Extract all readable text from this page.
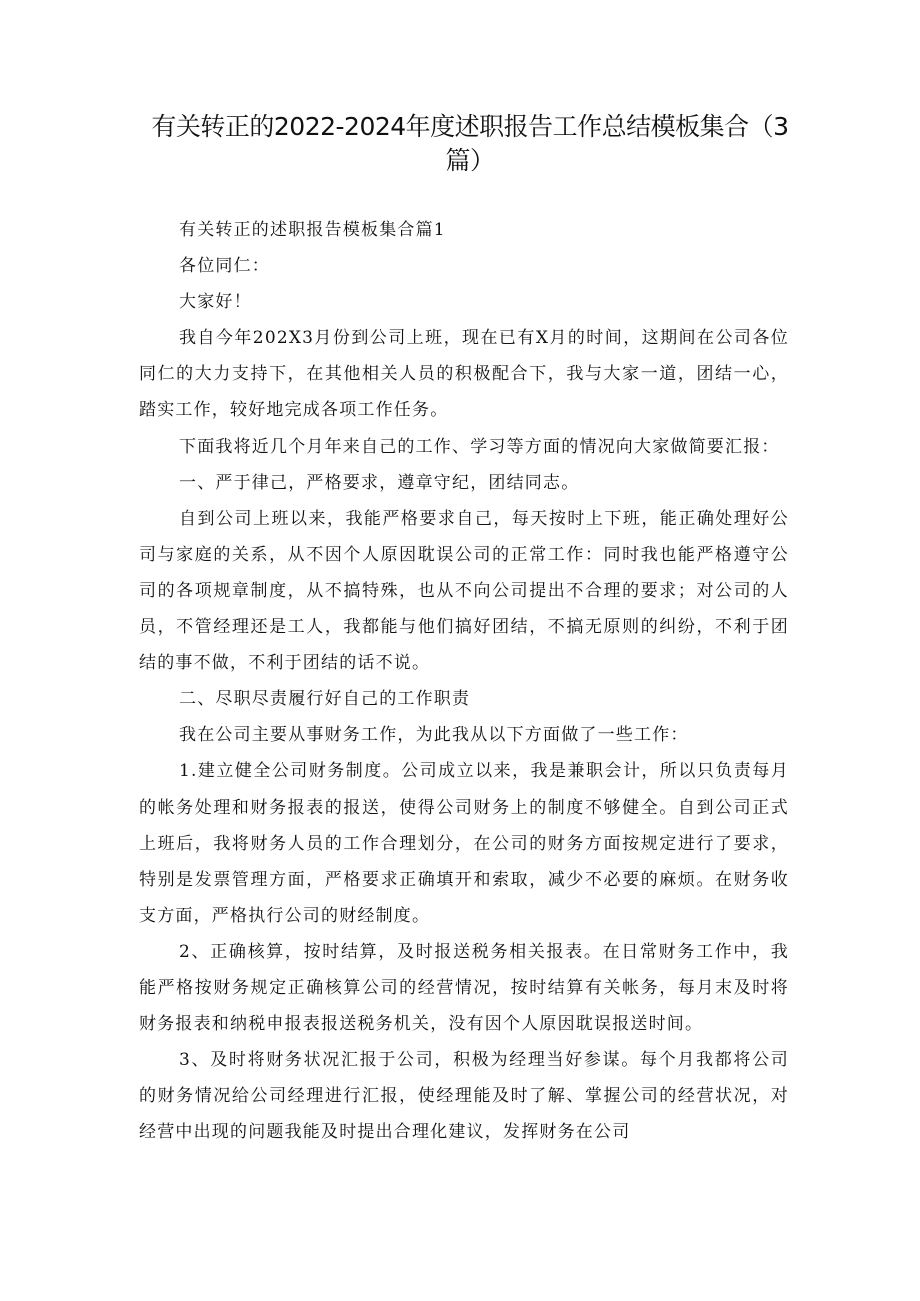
有关转正的2022-2024年度述职报告工作总结模板集合（3篇）

有关转正的述职报告模板集合篇1

各位同仁：

大家好！

我自今年202X3月份到公司上班，现在已有X月的时间，这期间在公司各位同仁的大力支持下，在其他相关人员的积极配合下，我与大家一道，团结一心，踏实工作，较好地完成各项工作任务。

下面我将近几个月年来自己的工作、学习等方面的情况向大家做简要汇报：

一、严于律己，严格要求，遵章守纪，团结同志。

自到公司上班以来，我能严格要求自己，每天按时上下班，能正确处理好公司与家庭的关系，从不因个人原因耽误公司的正常工作：同时我也能严格遵守公司的各项规章制度，从不搞特殊，也从不向公司提出不合理的要求；对公司的人员，不管经理还是工人，我都能与他们搞好团结，不搞无原则的纠纷，不利于团结的事不做，不利于团结的话不说。

二、尽职尽责履行好自己的工作职责

我在公司主要从事财务工作，为此我从以下方面做了一些工作：

1.建立健全公司财务制度。公司成立以来，我是兼职会计，所以只负责每月的帐务处理和财务报表的报送，使得公司财务上的制度不够健全。自到公司正式上班后，我将财务人员的工作合理划分，在公司的财务方面按规定进行了要求，特别是发票管理方面，严格要求正确填开和索取，减少不必要的麻烦。在财务收支方面，严格执行公司的财经制度。

2、正确核算，按时结算，及时报送税务相关报表。在日常财务工作中，我能严格按财务规定正确核算公司的经营情况，按时结算有关帐务，每月末及时将财务报表和纳税申报表报送税务机关，没有因个人原因耽误报送时间。

3、及时将财务状况汇报于公司，积极为经理当好参谋。每个月我都将公司的财务情况给公司经理进行汇报，使经理能及时了解、掌握公司的经营状况，对经营中出现的问题我能及时提出合理化建议，发挥财务在公司
